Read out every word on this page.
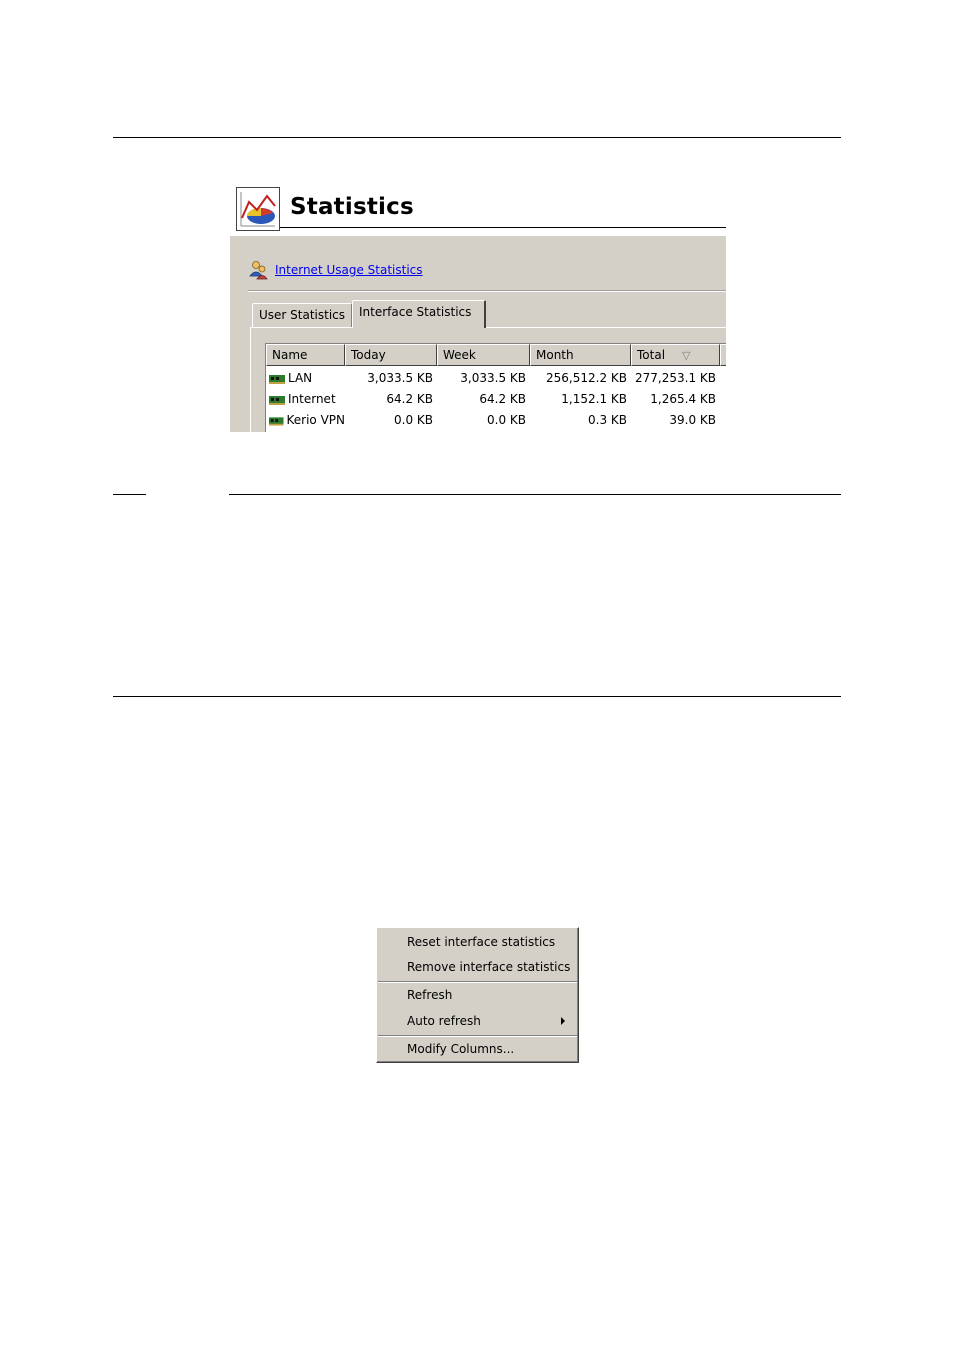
Statistics
Internet Usage Statistics
User Statistics	Interface Statistics
Name	Today	Week	Month	Total ▽
LAN	3,033.5 KB	3,033.5 KB	256,512.2 KB 277,253.1 KB
Internet	64.2 KB	64.2 KB	1,152.1 KB	1,265.4 KB
Kerio VPN	0.0 KB	0.0 KB	0.3 KB	39.0 KB
Reset interface statistics
Remove interface statistics
Refresh
Auto refresh
Modify Columns...
